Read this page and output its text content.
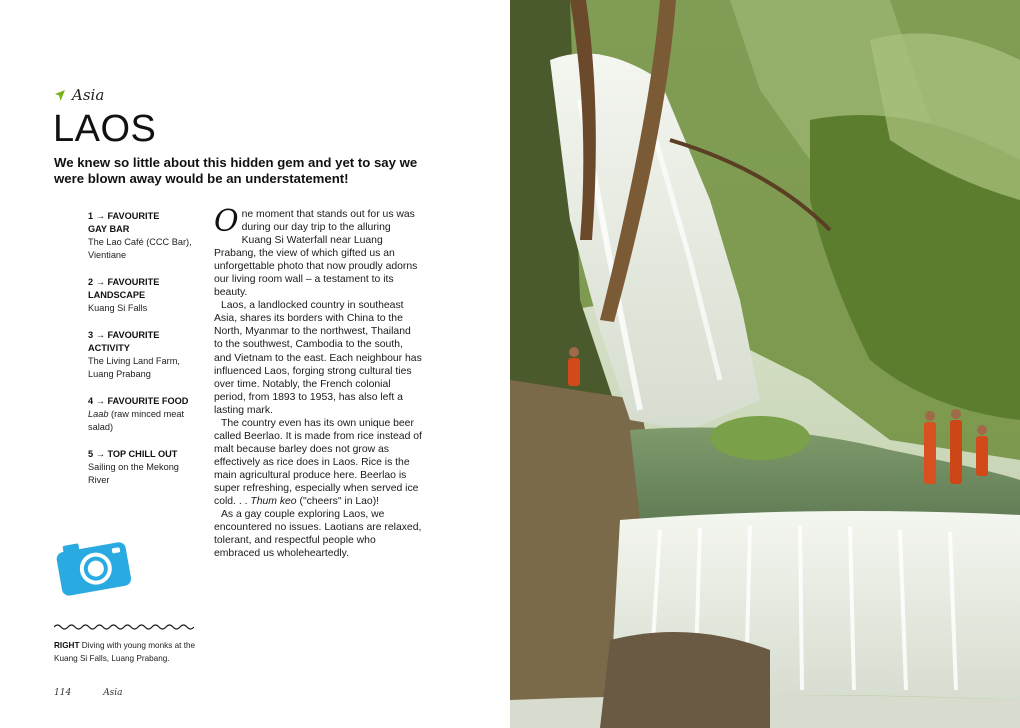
Asia
LAOS

We knew so little about this hidden gem and yet to say we were blown away would be an understatement!

1 → FAVOURITE
GAY BAR
The Lao Café (CCC Bar), Vientiane
2 → FAVOURITE
LANDSCAPE
Kuang Si Falls
3 → FAVOURITE
ACTIVITY
The Living Land Farm, Luang Prabang
4 → FAVOURITE FOOD
Laab (raw minced meat salad)
5 → TOP CHILL OUT
Sailing on the Mekong River

One moment that stands out for us was during our day trip to the alluring Kuang Si Waterfall near Luang Prabang, the view of which gifted us an unforgettable photo that now proudly adorns our living room wall – a testament to its beauty.

Laos, a landlocked country in southeast Asia, shares its borders with China to the North, Myanmar to the northwest, Thailand to the southwest, Cambodia to the south, and Vietnam to the east. Each neighbour has influenced Laos, forging strong cultural ties over time. Notably, the French colonial period, from 1893 to 1953, has also left a lasting mark.

The country even has its own unique beer called Beerlao. It is made from rice instead of malt because barley does not grow as effectively as rice does in Laos. Rice is the main agricultural produce here. Beerlao is super refreshing, especially when served ice cold. . . Thum keo ("cheers" in Lao)!

As a gay couple exploring Laos, we encountered no issues. Laotians are relaxed, tolerant, and respectful people who embraced us wholeheartedly.

RIGHT Diving with young monks at the Kuang Si Falls, Luang Prabang.

114	Asia
